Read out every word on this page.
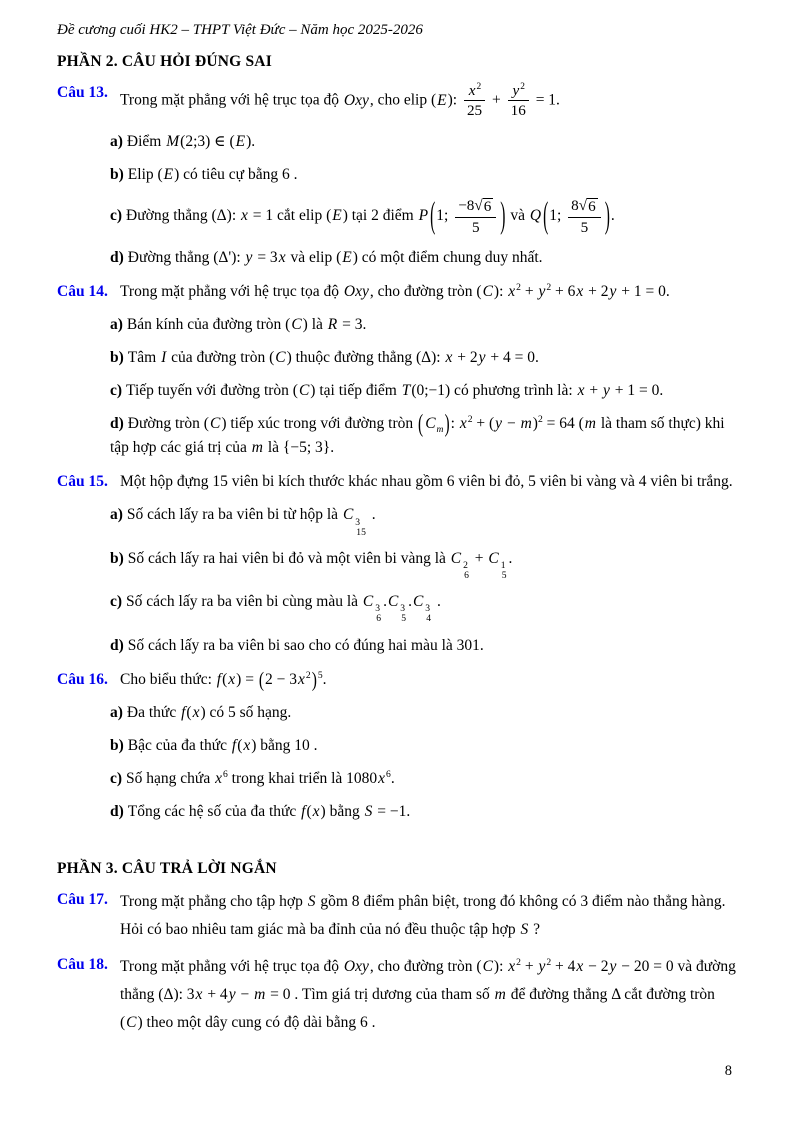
Đề cương cuối HK2 – THPT Việt Đức – Năm học 2025-2026
PHẦN 2. CÂU HỎI ĐÚNG SAI
Câu 13. Trong mặt phẳng với hệ trục tọa độ Oxy, cho elip (E): $\frac{x^2}{25} + \frac{y^2}{16} = 1$.
a) Điểm M(2;3) ∈ (E).
b) Elip (E) có tiêu cự bằng 6 .
c) Đường thẳng (Δ): x = 1 cắt elip (E) tại 2 điểm P (1; $\frac{-8 √ 6}{5}$ ) và Q (1; $\frac{8 √ 6}{5}$ ).
d) Đường thẳng (Δ'): y = 3x và elip (E) có một điểm chung duy nhất.
Câu 14. Trong mặt phẳng với hệ trục tọa độ Oxy, cho đường tròn (C): $x^2 + y^2 + 6x + 2y + 1 = 0$.
a) Bán kính của đường tròn (C) là R = 3.
b) Tâm I của đường tròn (C) thuộc đường thẳng (Δ): x + 2y + 4 = 0.
c) Tiếp tuyến với đường tròn (C) tại tiếp điểm T(0;−1) có phương trình là: x + y + 1 = 0.
d) Đường tròn (C) tiếp xúc trong với đường tròn ( $C_m$): $x^2 + (y - m)^2 = 64$ (m là tham số thực) khi tập hợp các giá trị của m là {−5; 3}.
Câu 15. Một hộp đựng 15 viên bi kích thước khác nhau gồm 6 viên bi đỏ, 5 viên bi vàng và 4 viên bi trắng.
a) Số cách lấy ra ba viên bi từ hộp là C 3
15
.
b) Số cách lấy ra hai viên bi đỏ và một viên bi vàng là C 2
6
+ C 1
5
.
c) Số cách lấy ra ba viên bi cùng màu là C 3
6
.C 3
5
.C 3
4
.
d) Số cách lấy ra ba viên bi sao cho có đúng hai màu là 301.
Câu 16. Cho biểu thức: $f(x) = (2 - 3x^2)^5$.
a) Đa thức f(x) có 5 số hạng.
b) Bậc của đa thức f(x) bằng 10 .
c) Số hạng chứa $x^6$ trong khai triển là $1080x^6$.
d) Tổng các hệ số của đa thức f(x) bằng S = −1.
PHẦN 3. CÂU TRẢ LỜI NGẮN
Câu 17. Trong mặt phẳng cho tập hợp S gồm 8 điểm phân biệt, trong đó không có 3 điểm nào thẳng hàng. Hỏi có bao nhiêu tam giác mà ba đỉnh của nó đều thuộc tập hợp S ?
Câu 18. Trong mặt phẳng với hệ trục tọa độ Oxy, cho đường tròn (C): $x^2 + y^2 + 4x - 2y - 20 = 0$ và đường thẳng (Δ): 3x + 4y − m = 0 . Tìm giá trị dương của tham số m để đường thẳng Δ cắt đường tròn (C) theo một dây cung có độ dài bằng 6 .
8
